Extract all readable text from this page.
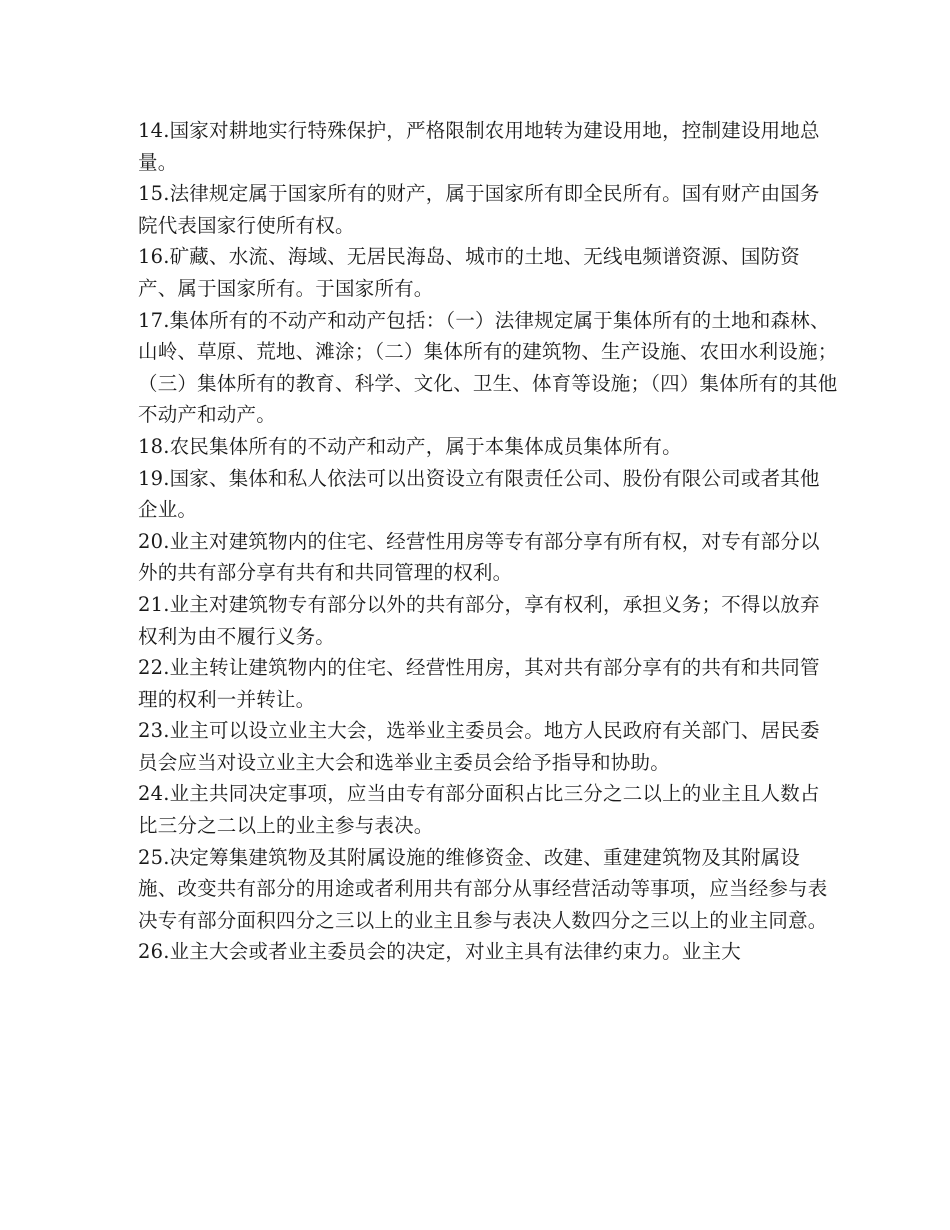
14.国家对耕地实行特殊保护，严格限制农用地转为建设用地，控制建设用地总量。

15.法律规定属于国家所有的财产，属于国家所有即全民所有。国有财产由国务院代表国家行使所有权。

16.矿藏、水流、海域、无居民海岛、城市的土地、无线电频谱资源、国防资产、属于国家所有。于国家所有。

17.集体所有的不动产和动产包括：（一）法律规定属于集体所有的土地和森林、山岭、草原、荒地、滩涂；（二）集体所有的建筑物、生产设施、农田水利设施；（三）集体所有的教育、科学、文化、卫生、体育等设施；（四）集体所有的其他不动产和动产。

18.农民集体所有的不动产和动产，属于本集体成员集体所有。

19.国家、集体和私人依法可以出资设立有限责任公司、股份有限公司或者其他企业。

20.业主对建筑物内的住宅、经营性用房等专有部分享有所有权，对专有部分以外的共有部分享有共有和共同管理的权利。

21.业主对建筑物专有部分以外的共有部分，享有权利，承担义务；不得以放弃权利为由不履行义务。

22.业主转让建筑物内的住宅、经营性用房，其对共有部分享有的共有和共同管理的权利一并转让。

23.业主可以设立业主大会，选举业主委员会。地方人民政府有关部门、居民委员会应当对设立业主大会和选举业主委员会给予指导和协助。

24.业主共同决定事项，应当由专有部分面积占比三分之二以上的业主且人数占比三分之二以上的业主参与表决。

25.决定筹集建筑物及其附属设施的维修资金、改建、重建建筑物及其附属设施、改变共有部分的用途或者利用共有部分从事经营活动等事项，应当经参与表决专有部分面积四分之三以上的业主且参与表决人数四分之三以上的业主同意。

26.业主大会或者业主委员会的决定，对业主具有法律约束力。业主大
